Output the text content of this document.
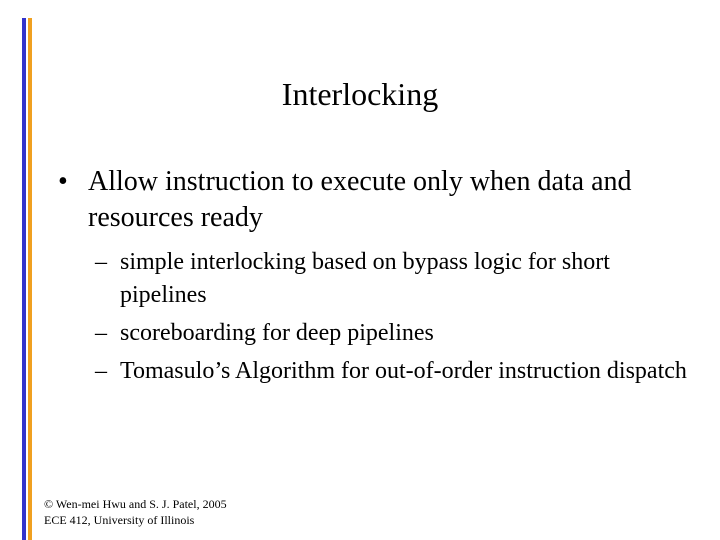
Interlocking
• Allow instruction to execute only when data and resources ready
– simple interlocking based on bypass logic for short pipelines
– scoreboarding for deep pipelines
– Tomasulo’s Algorithm for out-of-order instruction dispatch
© Wen-mei Hwu and S. J. Patel, 2005
ECE 412, University of Illinois
